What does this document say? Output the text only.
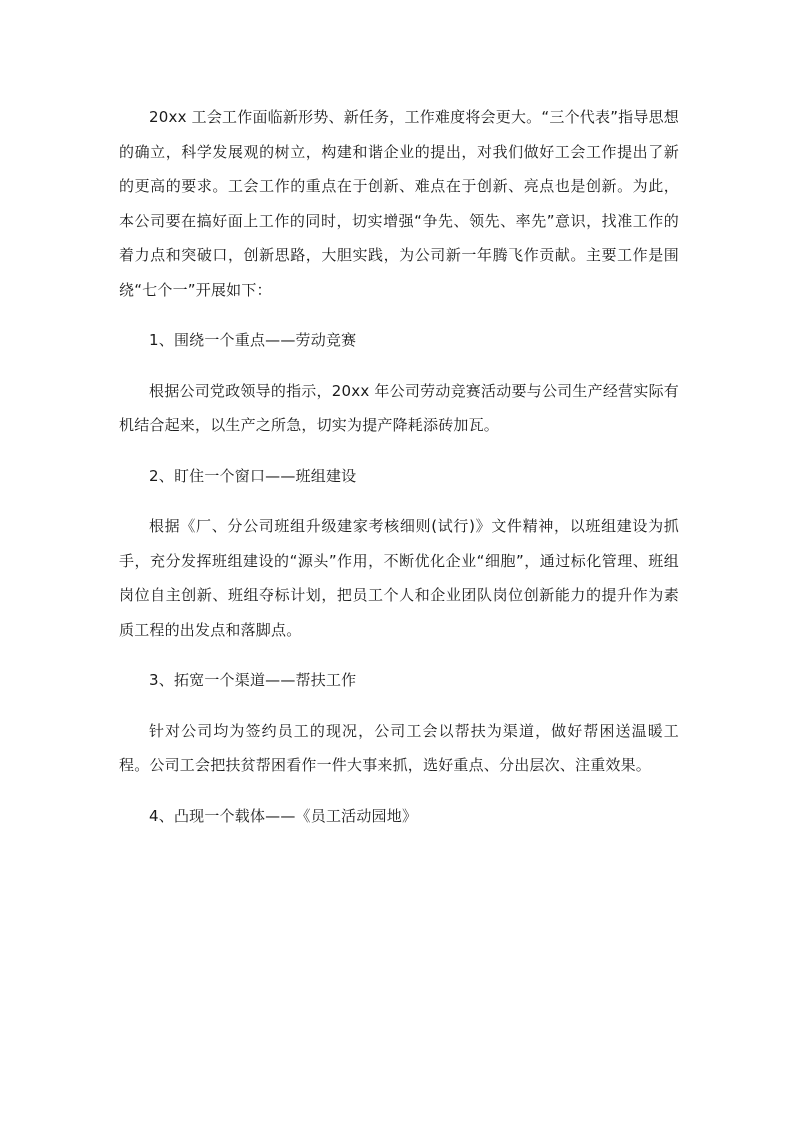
20xx 工会工作面临新形势、新任务，工作难度将会更大。“三个代表”指导思想的确立，科学发展观的树立，构建和谐企业的提出，对我们做好工会工作提出了新的更高的要求。工会工作的重点在于创新、难点在于创新、亮点也是创新。为此，本公司要在搞好面上工作的同时，切实增强“争先、领先、率先”意识，找准工作的着力点和突破口，创新思路，大胆实践，为公司新一年腾飞作贡献。主要工作是围绕“七个一”开展如下：

1、围绕一个重点——劳动竞赛

根据公司党政领导的指示，20xx 年公司劳动竞赛活动要与公司生产经营实际有机结合起来，以生产之所急，切实为提产降耗添砖加瓦。

2、盯住一个窗口——班组建设

根据《厂、分公司班组升级建家考核细则(试行)》文件精神，以班组建设为抓手，充分发挥班组建设的“源头”作用，不断优化企业“细胞”，通过标化管理、班组岗位自主创新、班组夺标计划，把员工个人和企业团队岗位创新能力的提升作为素质工程的出发点和落脚点。

3、拓宽一个渠道——帮扶工作

针对公司均为签约员工的现况，公司工会以帮扶为渠道，做好帮困送温暖工程。公司工会把扶贫帮困看作一件大事来抓，选好重点、分出层次、注重效果。

4、凸现一个载体——《员工活动园地》
